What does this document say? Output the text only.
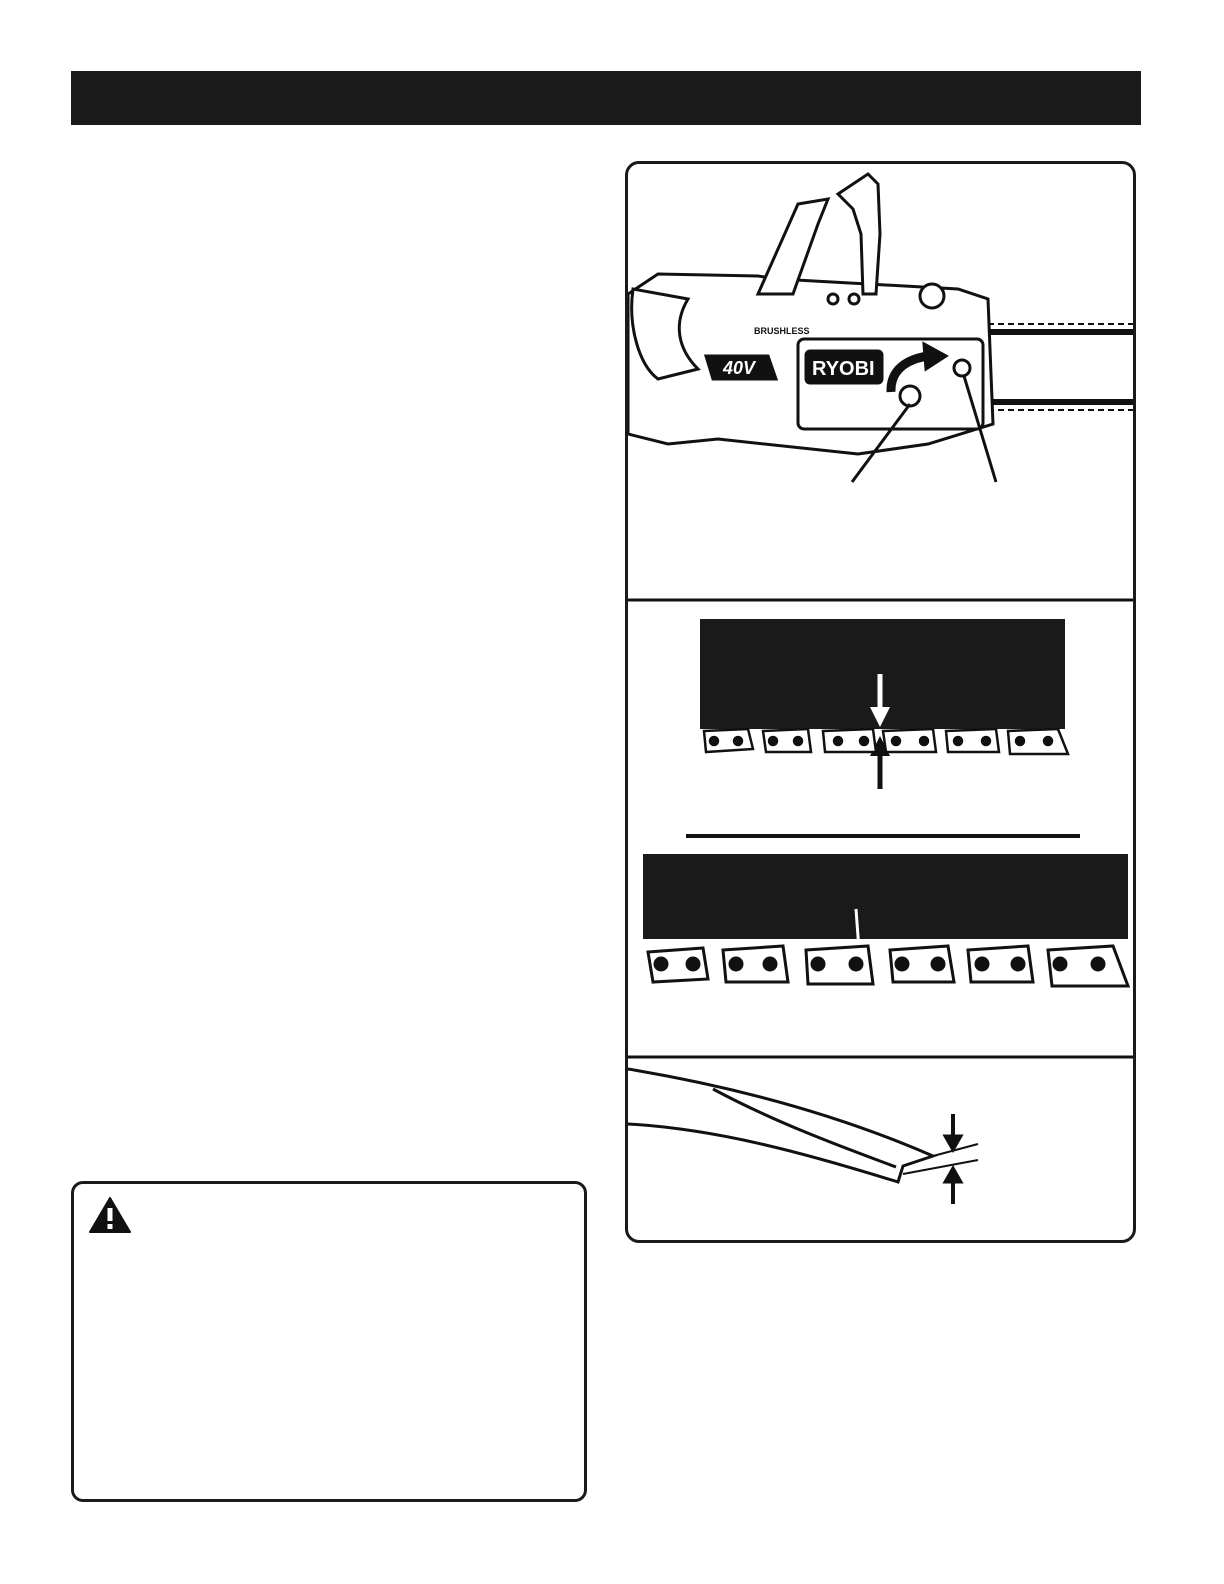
40V	RYOBI
BRUSHLESS
